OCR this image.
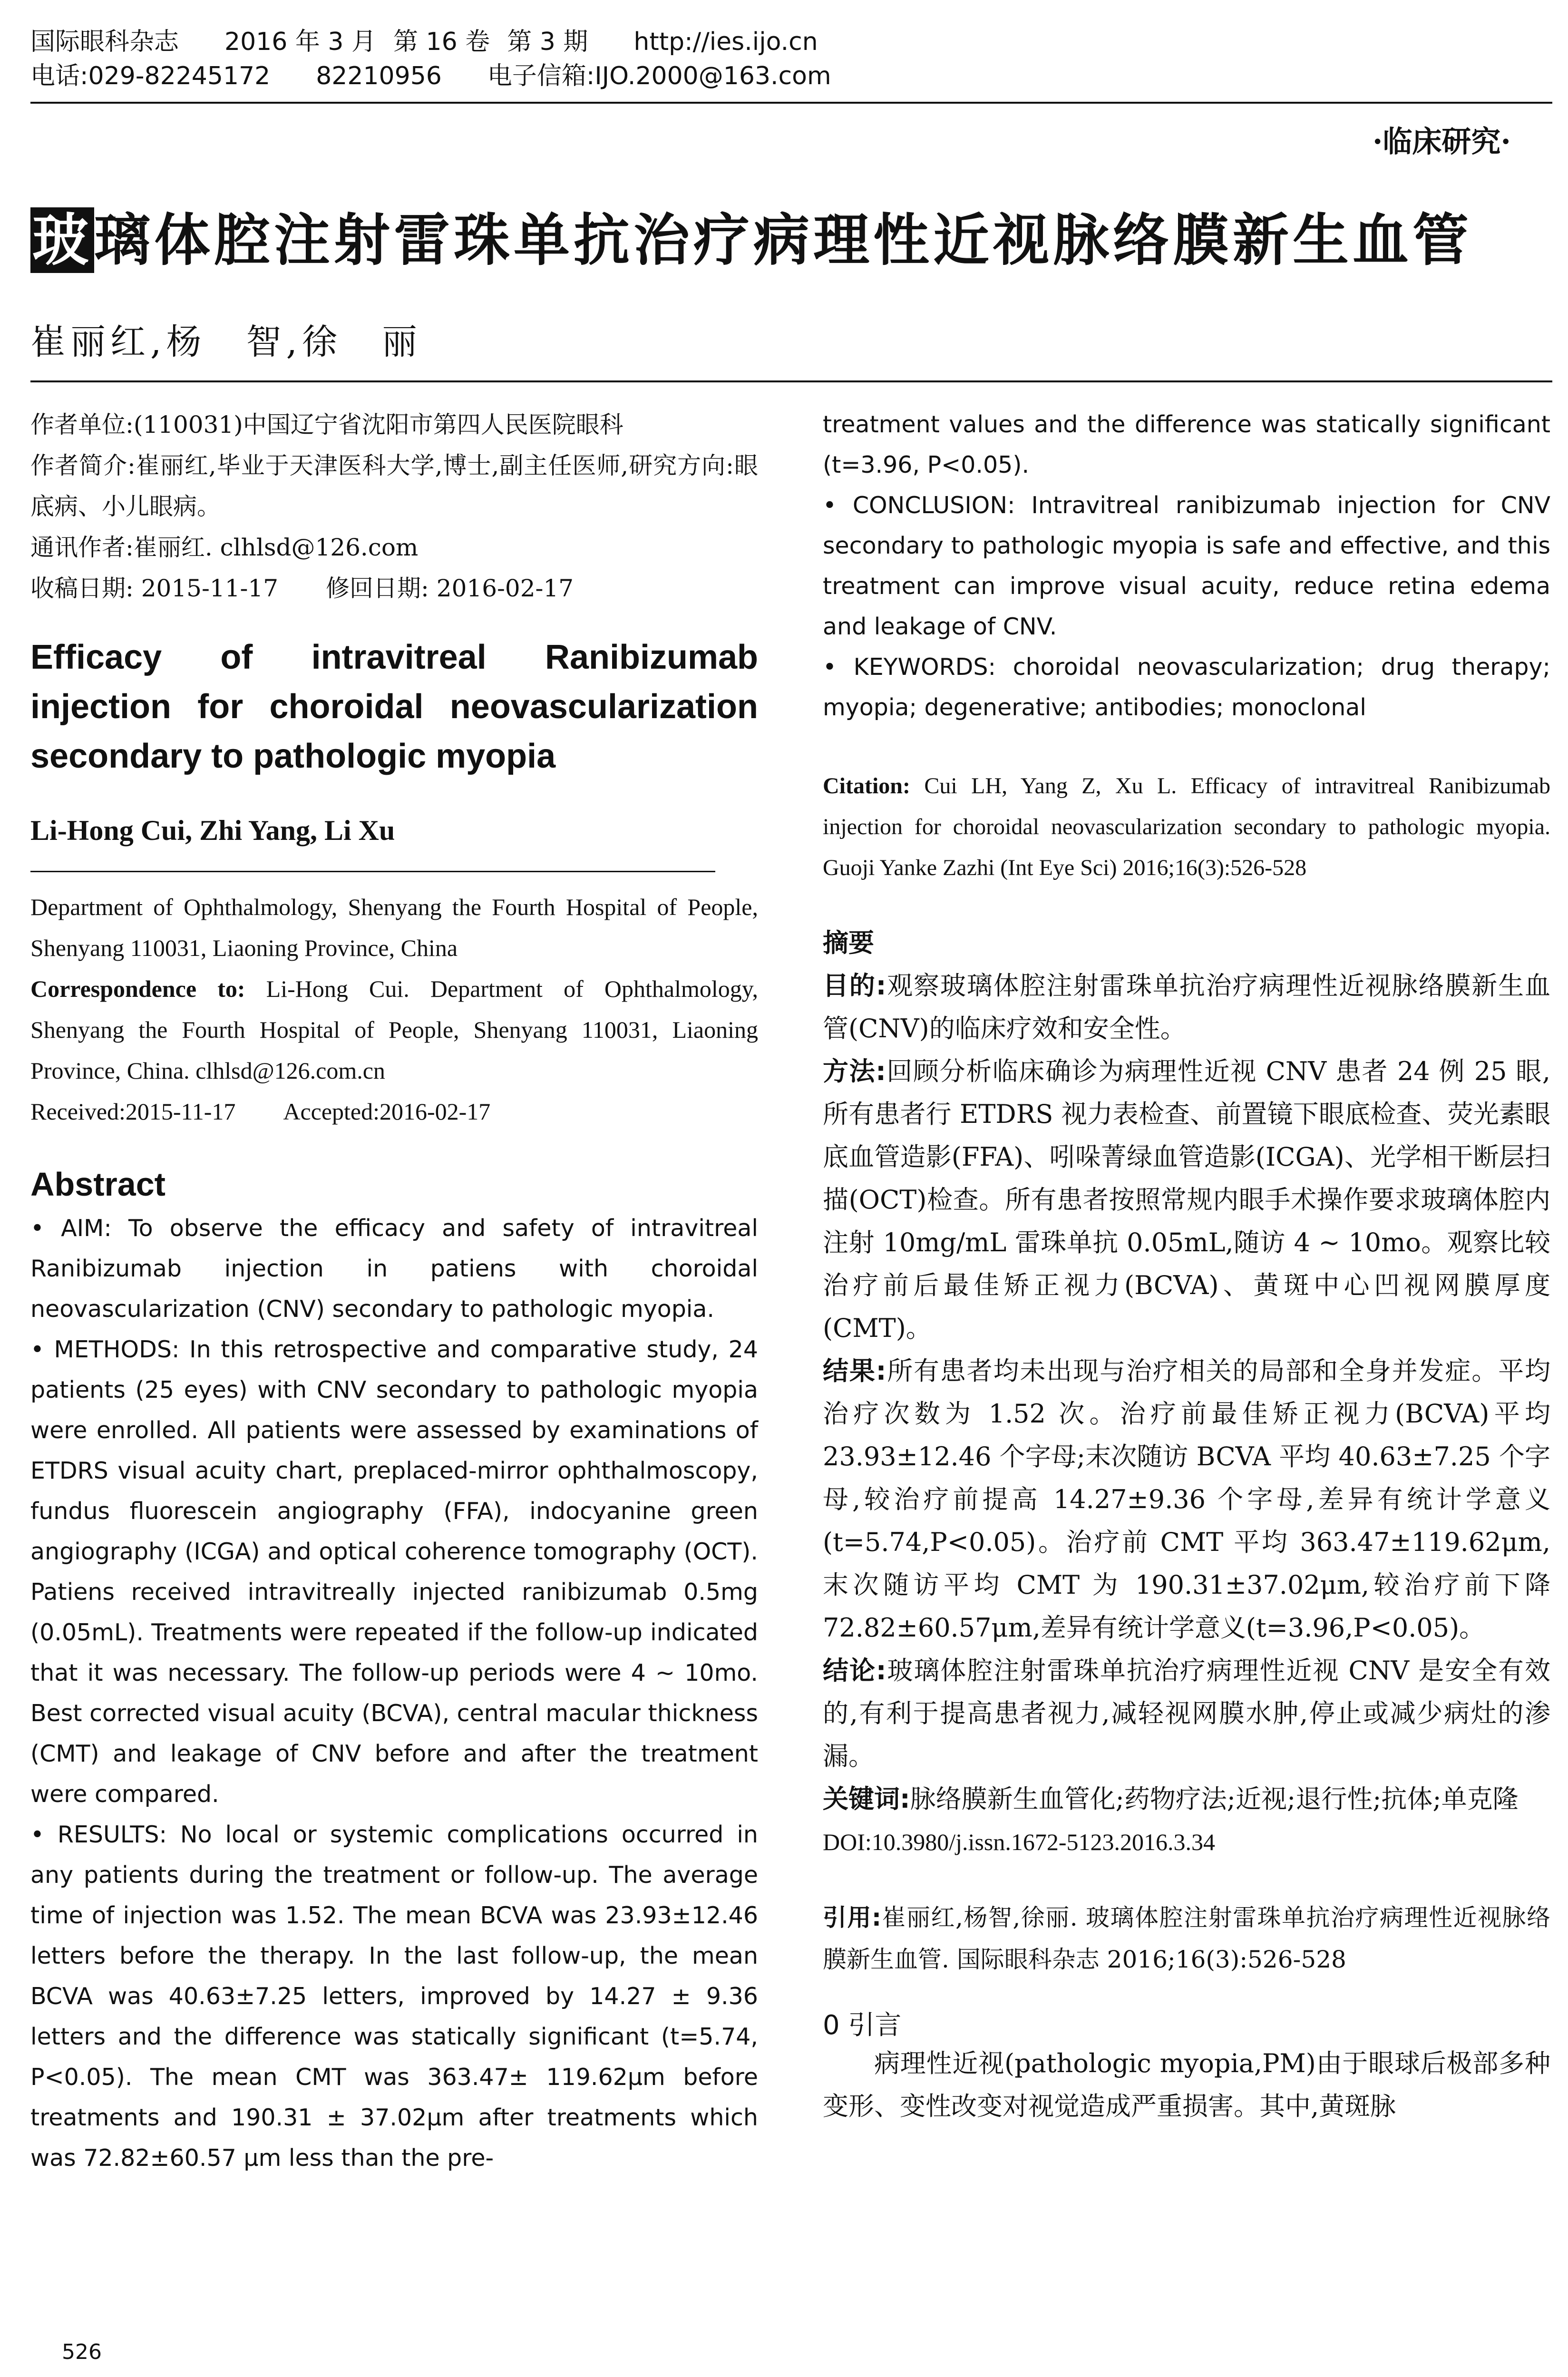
国际眼科杂志 2016 年 3 月 第 16 卷 第 3 期 http://ies.ijo.cn
电话:029-82245172 82210956 电子信箱:IJO.2000@163.com
·临床研究·
玻璃体腔注射雷珠单抗治疗病理性近视脉络膜新生血管
崔丽红,杨　智,徐　丽
作者单位:(110031)中国辽宁省沈阳市第四人民医院眼科
作者简介:崔丽红,毕业于天津医科大学,博士,副主任医师,研究方向:眼底病、小儿眼病。
通讯作者:崔丽红. clhlsd@126.com
收稿日期: 2015-11-17　　修回日期: 2016-02-17
Efficacy of intravitreal Ranibizumab injection for choroidal neovascularization secondary to pathologic myopia
Li-Hong Cui, Zhi Yang, Li Xu
Department of Ophthalmology, Shenyang the Fourth Hospital of People, Shenyang 110031, Liaoning Province, China
Correspondence to: Li-Hong Cui. Department of Ophthalmology, Shenyang the Fourth Hospital of People, Shenyang 110031, Liaoning Province, China. clhlsd@126.com.cn
Received:2015-11-17　　Accepted:2016-02-17
Abstract

• AIM: To observe the efficacy and safety of intravitreal Ranibizumab injection in patiens with choroidal neovascularization (CNV) secondary to pathologic myopia.

• METHODS: In this retrospective and comparative study, 24 patients (25 eyes) with CNV secondary to pathologic myopia were enrolled. All patients were assessed by examinations of ETDRS visual acuity chart, preplaced-mirror ophthalmoscopy, fundus fluorescein angiography (FFA), indocyanine green angiography (ICGA) and optical coherence tomography (OCT). Patiens received intravitreally injected ranibizumab 0.5mg (0.05mL). Treatments were repeated if the follow-up indicated that it was necessary. The follow-up periods were 4 ~ 10mo. Best corrected visual acuity (BCVA), central macular thickness (CMT) and leakage of CNV before and after the treatment were compared.

• RESULTS: No local or systemic complications occurred in any patients during the treatment or follow-up. The average time of injection was 1.52. The mean BCVA was 23.93±12.46 letters before the therapy. In the last follow-up, the mean BCVA was 40.63±7.25 letters, improved by 14.27 ± 9.36 letters and the difference was statically significant (t=5.74, P<0.05). The mean CMT was 363.47± 119.62μm before treatments and 190.31 ± 37.02μm after treatments which was 72.82±60.57 μm less than the pre-

treatment values and the difference was statically significant (t=3.96, P<0.05).

• CONCLUSION: Intravitreal ranibizumab injection for CNV secondary to pathologic myopia is safe and effective, and this treatment can improve visual acuity, reduce retina edema and leakage of CNV.

• KEYWORDS: choroidal neovascularization; drug therapy; myopia; degenerative; antibodies; monoclonal

Citation: Cui LH, Yang Z, Xu L. Efficacy of intravitreal Ranibizumab injection for choroidal neovascularization secondary to pathologic myopia. Guoji Yanke Zazhi (Int Eye Sci) 2016;16(3):526-528
摘要

目的:观察玻璃体腔注射雷珠单抗治疗病理性近视脉络膜新生血管(CNV)的临床疗效和安全性。

方法:回顾分析临床确诊为病理性近视 CNV 患者 24 例 25 眼,所有患者行 ETDRS 视力表检查、前置镜下眼底检查、荧光素眼底血管造影(FFA)、吲哚菁绿血管造影(ICGA)、光学相干断层扫描(OCT)检查。所有患者按照常规内眼手术操作要求玻璃体腔内注射 10mg/mL 雷珠单抗 0.05mL,随访 4 ~ 10mo。观察比较治疗前后最佳矫正视力(BCVA)、黄斑中心凹视网膜厚度(CMT)。

结果:所有患者均未出现与治疗相关的局部和全身并发症。平均治疗次数为 1.52 次。治疗前最佳矫正视力(BCVA)平均 23.93±12.46 个字母;末次随访 BCVA 平均 40.63±7.25 个字母,较治疗前提高 14.27±9.36 个字母,差异有统计学意义(t=5.74,P<0.05)。治疗前 CMT 平均 363.47±119.62μm,末次随访平均 CMT 为 190.31±37.02μm,较治疗前下降 72.82±60.57μm,差异有统计学意义(t=3.96,P<0.05)。

结论:玻璃体腔注射雷珠单抗治疗病理性近视 CNV 是安全有效的,有利于提高患者视力,减轻视网膜水肿,停止或减少病灶的渗漏。

关键词:脉络膜新生血管化;药物疗法;近视;退行性;抗体;单克隆

DOI:10.3980/j.issn.1672-5123.2016.3.34

引用:崔丽红,杨智,徐丽. 玻璃体腔注射雷珠单抗治疗病理性近视脉络膜新生血管. 国际眼科杂志 2016;16(3):526-528

0 引言

病理性近视(pathologic myopia,PM)由于眼球后极部多种变形、变性改变对视觉造成严重损害。其中,黄斑脉

526
